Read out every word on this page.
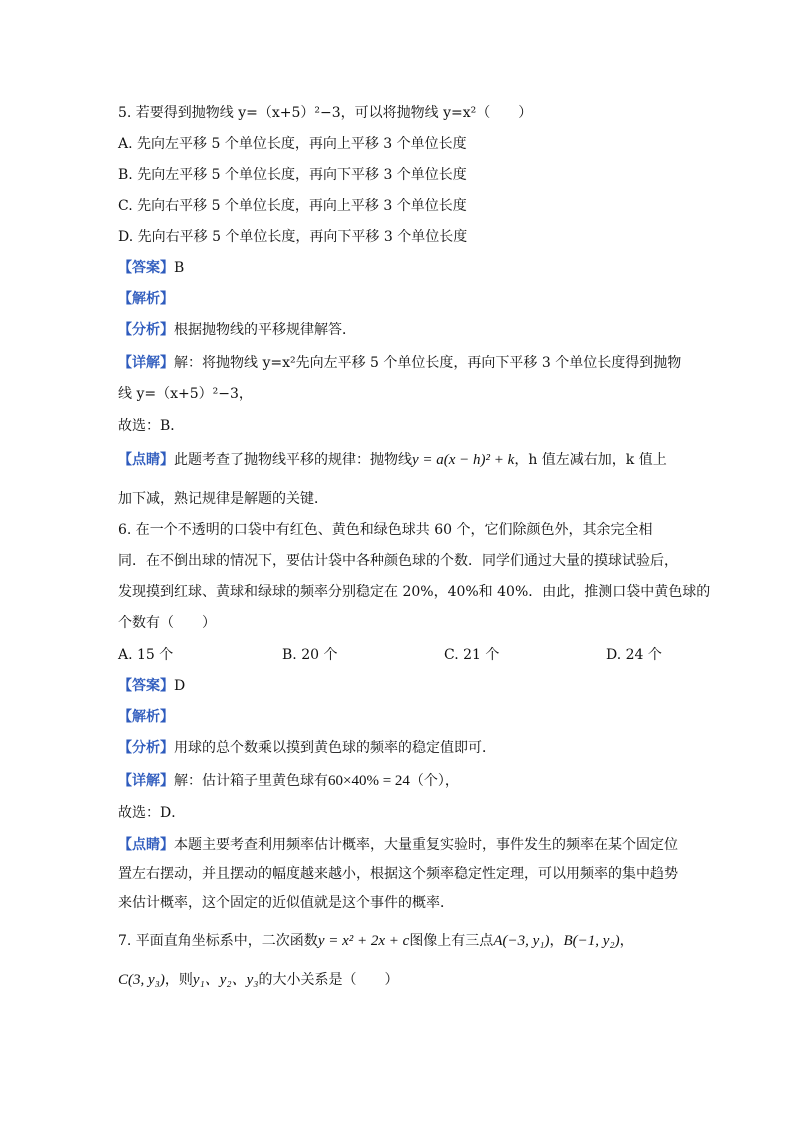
5. 若要得到抛物线 y=（x+5）²−3，可以将抛物线 y=x²（　　）
A. 先向左平移 5 个单位长度，再向上平移 3 个单位长度
B. 先向左平移 5 个单位长度，再向下平移 3 个单位长度
C. 先向右平移 5 个单位长度，再向上平移 3 个单位长度
D. 先向右平移 5 个单位长度，再向下平移 3 个单位长度
【答案】B
【解析】
【分析】根据抛物线的平移规律解答．
【详解】解：将抛物线 y=x²先向左平移 5 个单位长度，再向下平移 3 个单位长度得到抛物
线 y=（x+5）²−3，
故选：B．
【点睛】此题考查了抛物线平移的规律：抛物线y = a(x − h)² + k，h 值左减右加，k 值上
加下减，熟记规律是解题的关键．
6. 在一个不透明的口袋中有红色、黄色和绿色球共 60 个，它们除颜色外，其余完全相
同．在不倒出球的情况下，要估计袋中各种颜色球的个数．同学们通过大量的摸球试验后，
发现摸到红球、黄球和绿球的频率分别稳定在 20%，40%和 40%．由此，推测口袋中黄色球的
个数有（　　）
A. 15 个	B. 20 个	C. 21 个	D. 24 个
【答案】D
【解析】
【分析】用球的总个数乘以摸到黄色球的频率的稳定值即可．
【详解】解：估计箱子里黄色球有60×40% = 24（个），
故选：D．
【点睛】本题主要考查利用频率估计概率，大量重复实验时，事件发生的频率在某个固定位
置左右摆动，并且摆动的幅度越来越小，根据这个频率稳定性定理，可以用频率的集中趋势
来估计概率，这个固定的近似值就是这个事件的概率．
7. 平面直角坐标系中，二次函数y = x² + 2x + c图像上有三点A(−3, y₁)，B(−1, y₂)，
C(3, y₃)，则y₁、y₂、y₃的大小关系是（　　）
